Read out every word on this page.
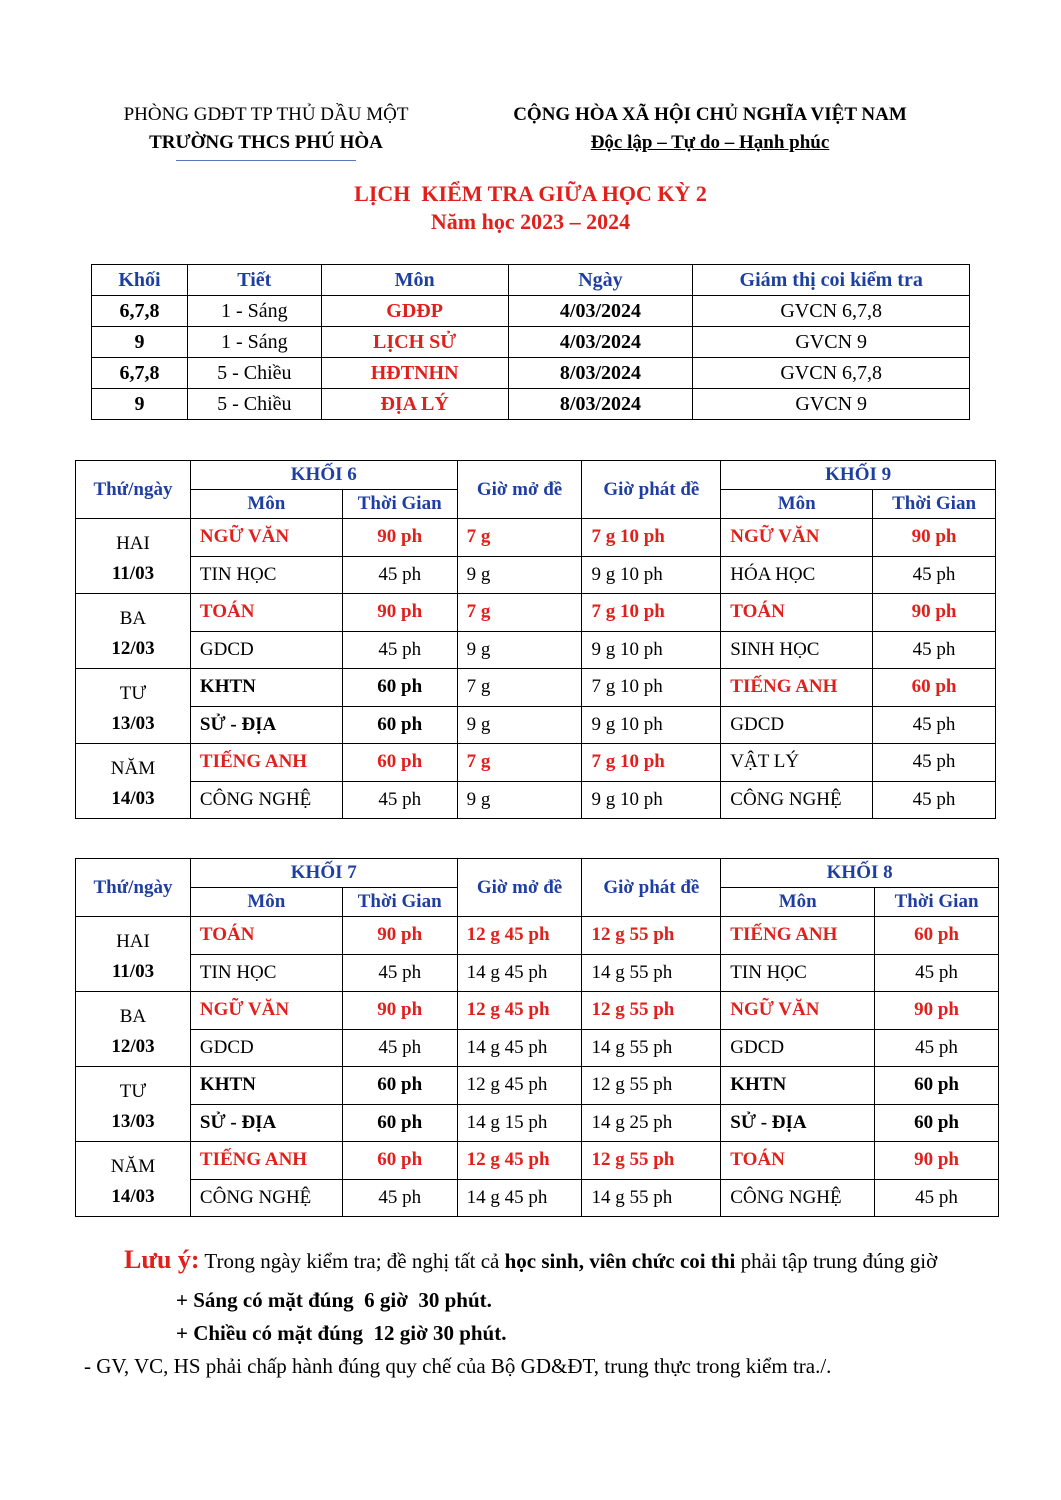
PHÒNG GDĐT TP THỦ DẦU MỘT
TRƯỜNG THCS PHÚ HÒA
CỘNG HÒA XÃ HỘI CHỦ NGHĨA VIỆT NAM
Độc lập – Tự do – Hạnh phúc
LỊCH  KIỂM TRA GIỮA HỌC KỲ 2
Năm học 2023 – 2024
Khối	Tiết	Môn	Ngày	Giám thị coi kiểm tra
6,7,8	1 - Sáng	GDĐP	4/03/2024	GVCN 6,7,8
9	1 - Sáng	LỊCH SỬ	4/03/2024	GVCN 9
6,7,8	5 - Chiều	HĐTNHN	8/03/2024	GVCN 6,7,8
9	5 - Chiều	ĐỊA LÝ	8/03/2024	GVCN 9
Thứ/ngày	KHỐI 6		Giờ mở đề	Giờ phát đề	KHỐI 9	
	Môn	Thời Gian			Môn	Thời Gian

HAI
11/03	NGỮ VĂN	90 ph	7 g	7 g 10 ph	NGỮ VĂN	90 ph
	TIN HỌC	45 ph	9 g	9 g 10 ph	HÓA HỌC	45 ph

BA
12/03	TOÁN	90 ph	7 g	7 g 10 ph	TOÁN	90 ph
	GDCD	45 ph	9 g	9 g 10 ph	SINH HỌC	45 ph

TƯ
13/03	KHTN	60 ph	7 g	7 g 10 ph	TIẾNG ANH	60 ph
	SỬ - ĐỊA	60 ph	9 g	9 g 10 ph	GDCD	45 ph

NĂM
14/03	TIẾNG ANH	60 ph	7 g	7 g 10 ph	VẬT LÝ	45 ph
	CÔNG NGHỆ	45 ph	9 g	9 g 10 ph	CÔNG NGHỆ	45 ph
Thứ/ngày	KHỐI 7		Giờ mở đề	Giờ phát đề	KHỐI 8	
	Môn	Thời Gian			Môn	Thời Gian

HAI
11/03	TOÁN	90 ph	12 g 45 ph	12 g 55 ph	TIẾNG ANH	60 ph
	TIN HỌC	45 ph	14 g 45 ph	14 g 55 ph	TIN HỌC	45 ph

BA
12/03	NGỮ VĂN	90 ph	12 g 45 ph	12 g 55 ph	NGỮ VĂN	90 ph
	GDCD	45 ph	14 g 45 ph	14 g 55 ph	GDCD	45 ph

TƯ
13/03	KHTN	60 ph	12 g 45 ph	12 g 55 ph	KHTN	60 ph
	SỬ - ĐỊA	60 ph	14 g 15 ph	14 g 25 ph	SỬ - ĐỊA	60 ph

NĂM
14/03	TIẾNG ANH	60 ph	12 g 45 ph	12 g 55 ph	TOÁN	90 ph
	CÔNG NGHỆ	45 ph	14 g 45 ph	14 g 55 ph	CÔNG NGHỆ	45 ph
Lưu ý: Trong ngày kiểm tra; đề nghị tất cả học sinh, viên chức coi thi phải tập trung đúng giờ
+ Sáng có mặt đúng  6 giờ  30 phút.
+ Chiều có mặt đúng  12 giờ 30 phút.
- GV, VC, HS phải chấp hành đúng quy chế của Bộ GD&ĐT, trung thực trong kiểm tra./.
